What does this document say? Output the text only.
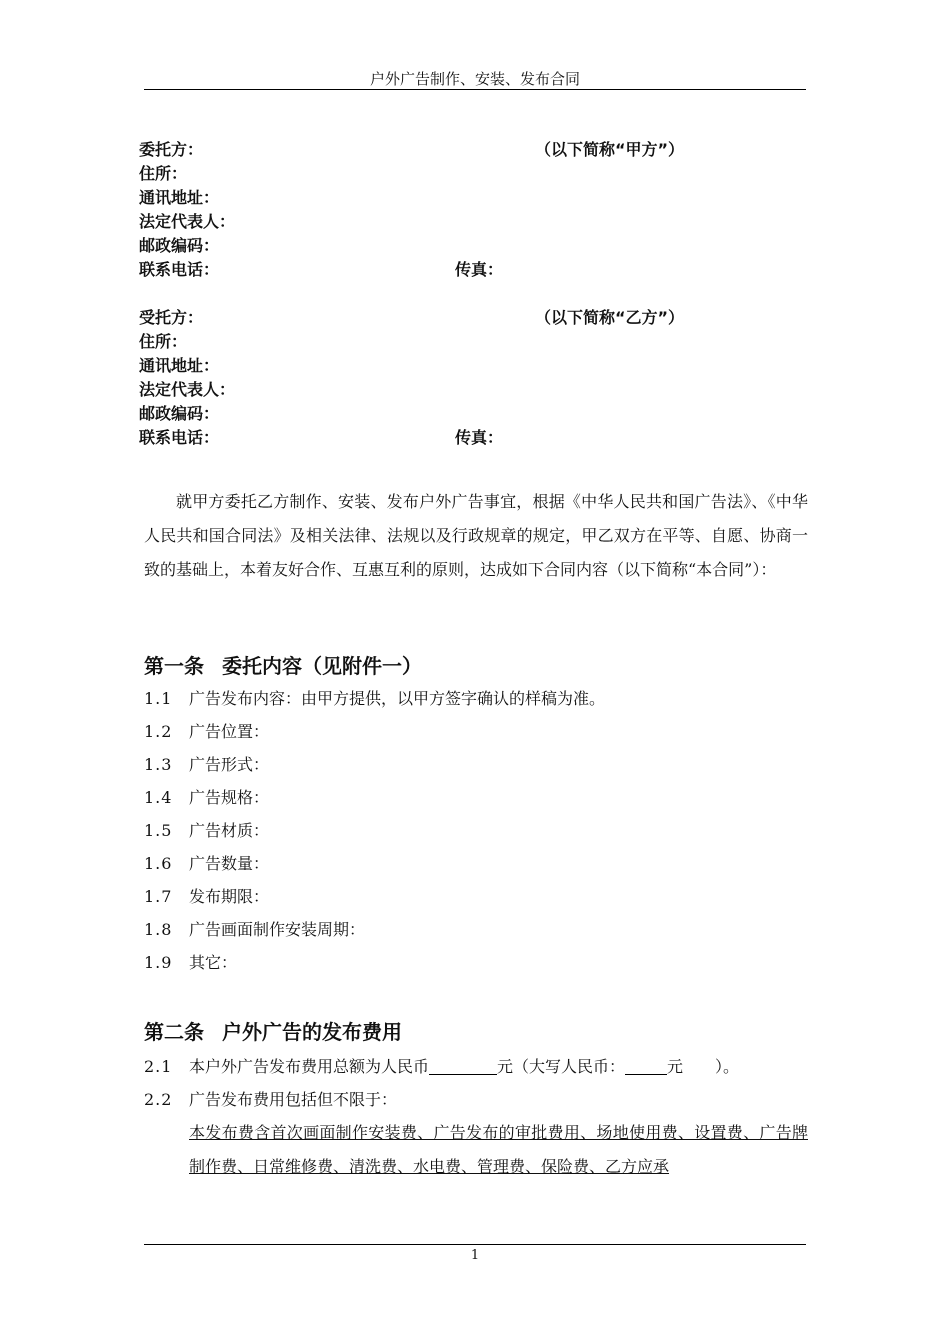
户外广告制作、安装、发布合同
委托方：	（以下简称“甲方”）
住所：
通讯地址：
法定代表人：
邮政编码：
联系电话：	传真：
受托方：	（以下简称“乙方”）
住所：
通讯地址：
法定代表人：
邮政编码：
联系电话：	传真：

就甲方委托乙方制作、安装、发布户外广告事宜，根据《中华人民共和国广告法》、《中华人民共和国合同法》及相关法律、法规以及行政规章的规定，甲乙双方在平等、自愿、协商一致的基础上，本着友好合作、互惠互利的原则，达成如下合同内容（以下简称“本合同”）：

第一条 委托内容（见附件一）
1.1 广告发布内容：由甲方提供，以甲方签字确认的样稿为准。
1.2 广告位置：
1.3 广告形式：
1.4 广告规格：
1.5 广告材质：
1.6 广告数量：
1.7 发布期限：
1.8 广告画面制作安装周期：
1.9 其它：
第二条 户外广告的发布费用
2.1 本户外广告发布费用总额为人民币	元（大写人民币：	元　　）。
2.2 广告发布费用包括但不限于：
本发布费含首次画面制作安装费、广告发布的审批费用、场地使用费、设置费、广告牌制作费、日常维修费、清洗费、水电费、管理费、保险费、乙方应承
1
